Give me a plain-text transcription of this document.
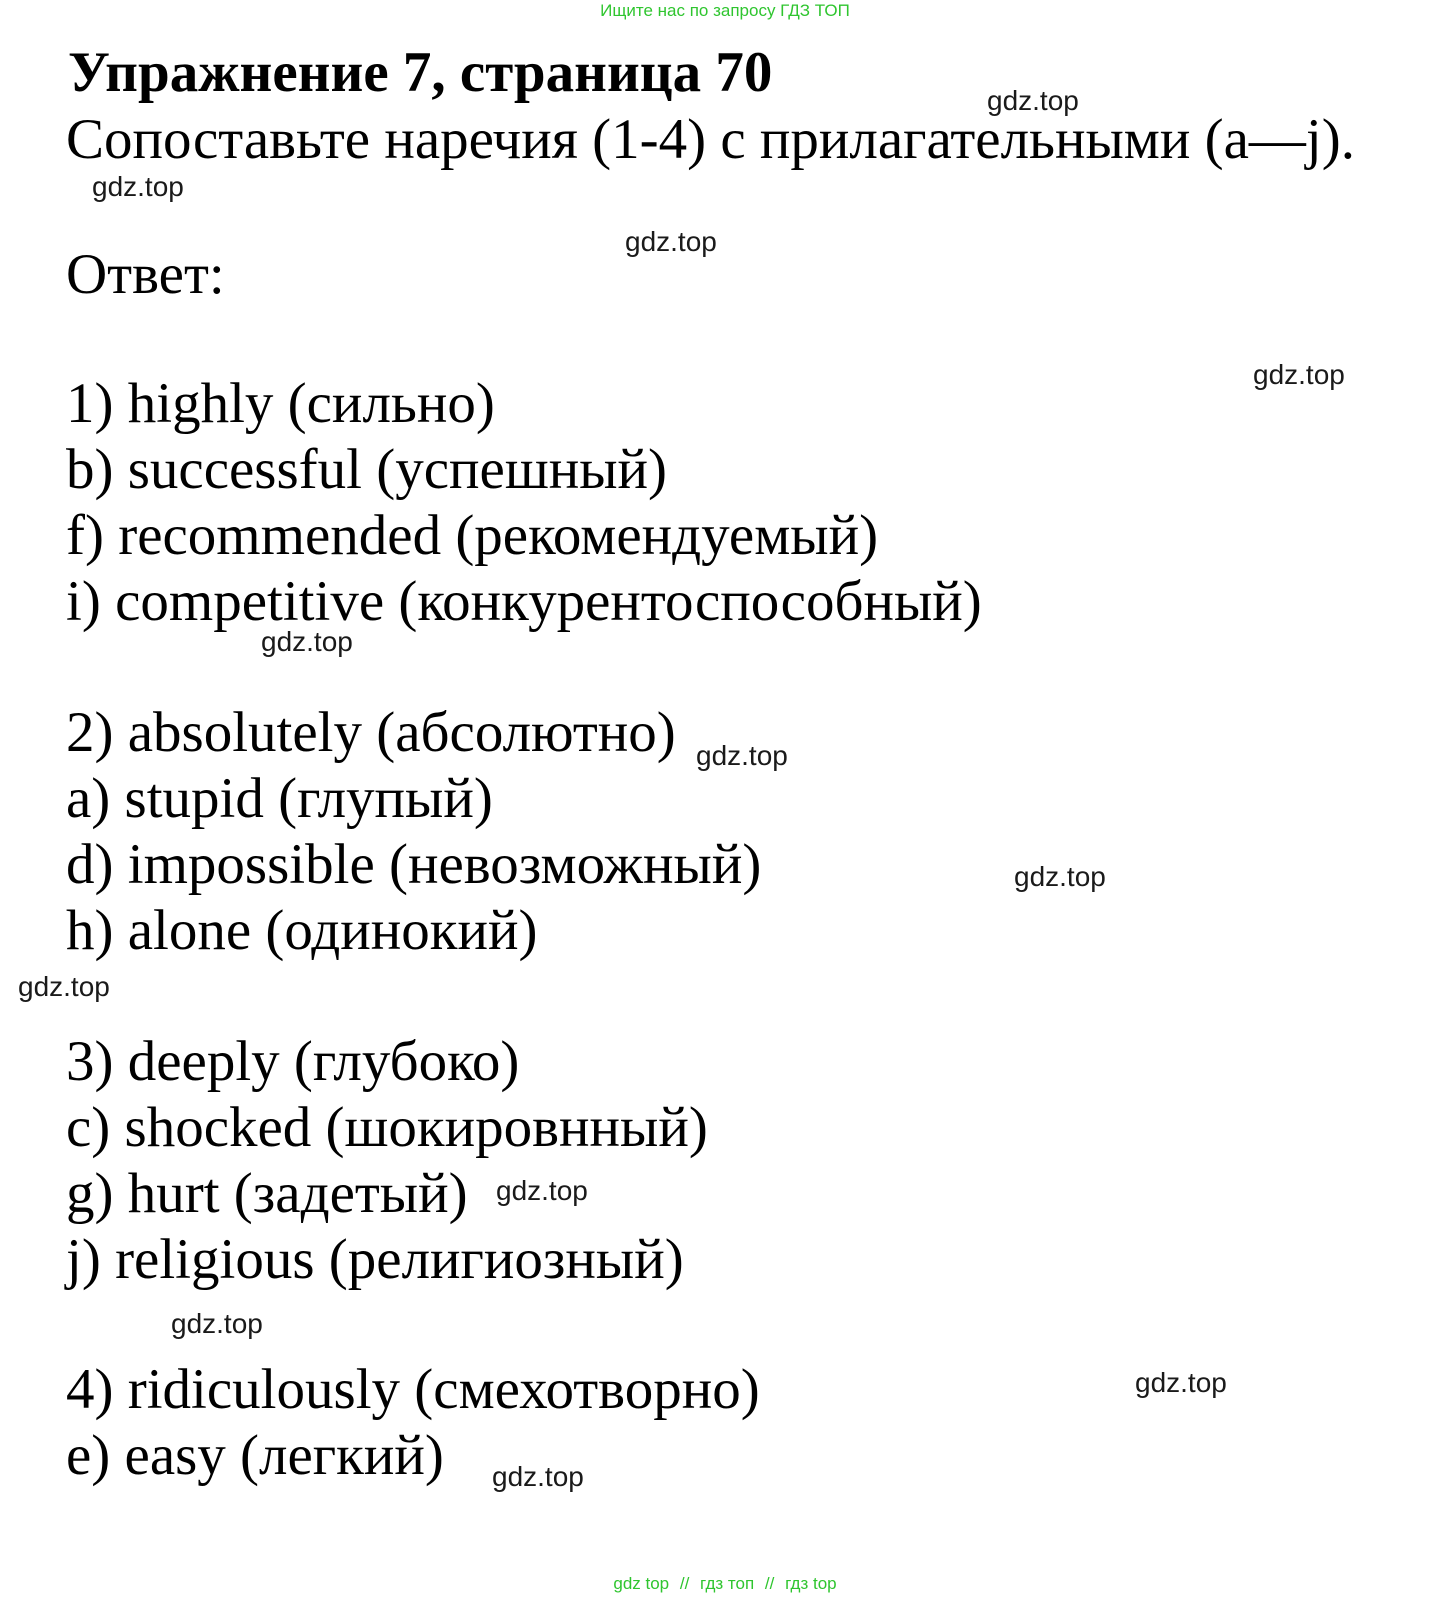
Ищите нас по запросу ГДЗ ТОП
Упражнение 7, страница 70
Сопоставьте наречия (1-4) с прилагательными (a—j).
Ответ:
1) highly (сильно)
b) successful (успешный)
f) recommended (рекомендуемый)
i) competitive (конкурентоспособный)
2) absolutely (абсолютно)
a) stupid (глупый)
d) impossible (невозможный)
h) alone (одинокий)
3) deeply (глубоко)
c) shocked (шокировнный)
g) hurt (задетый)
j) religious (религиозный)
4) ridiculously (смехотворно)
e) easy (легкий)
gdz.top
gdz.top
gdz.top
gdz.top
gdz.top
gdz.top
gdz.top
gdz.top
gdz.top
gdz.top
gdz.top
gdz.top
gdz top // гдз топ // гдз top
